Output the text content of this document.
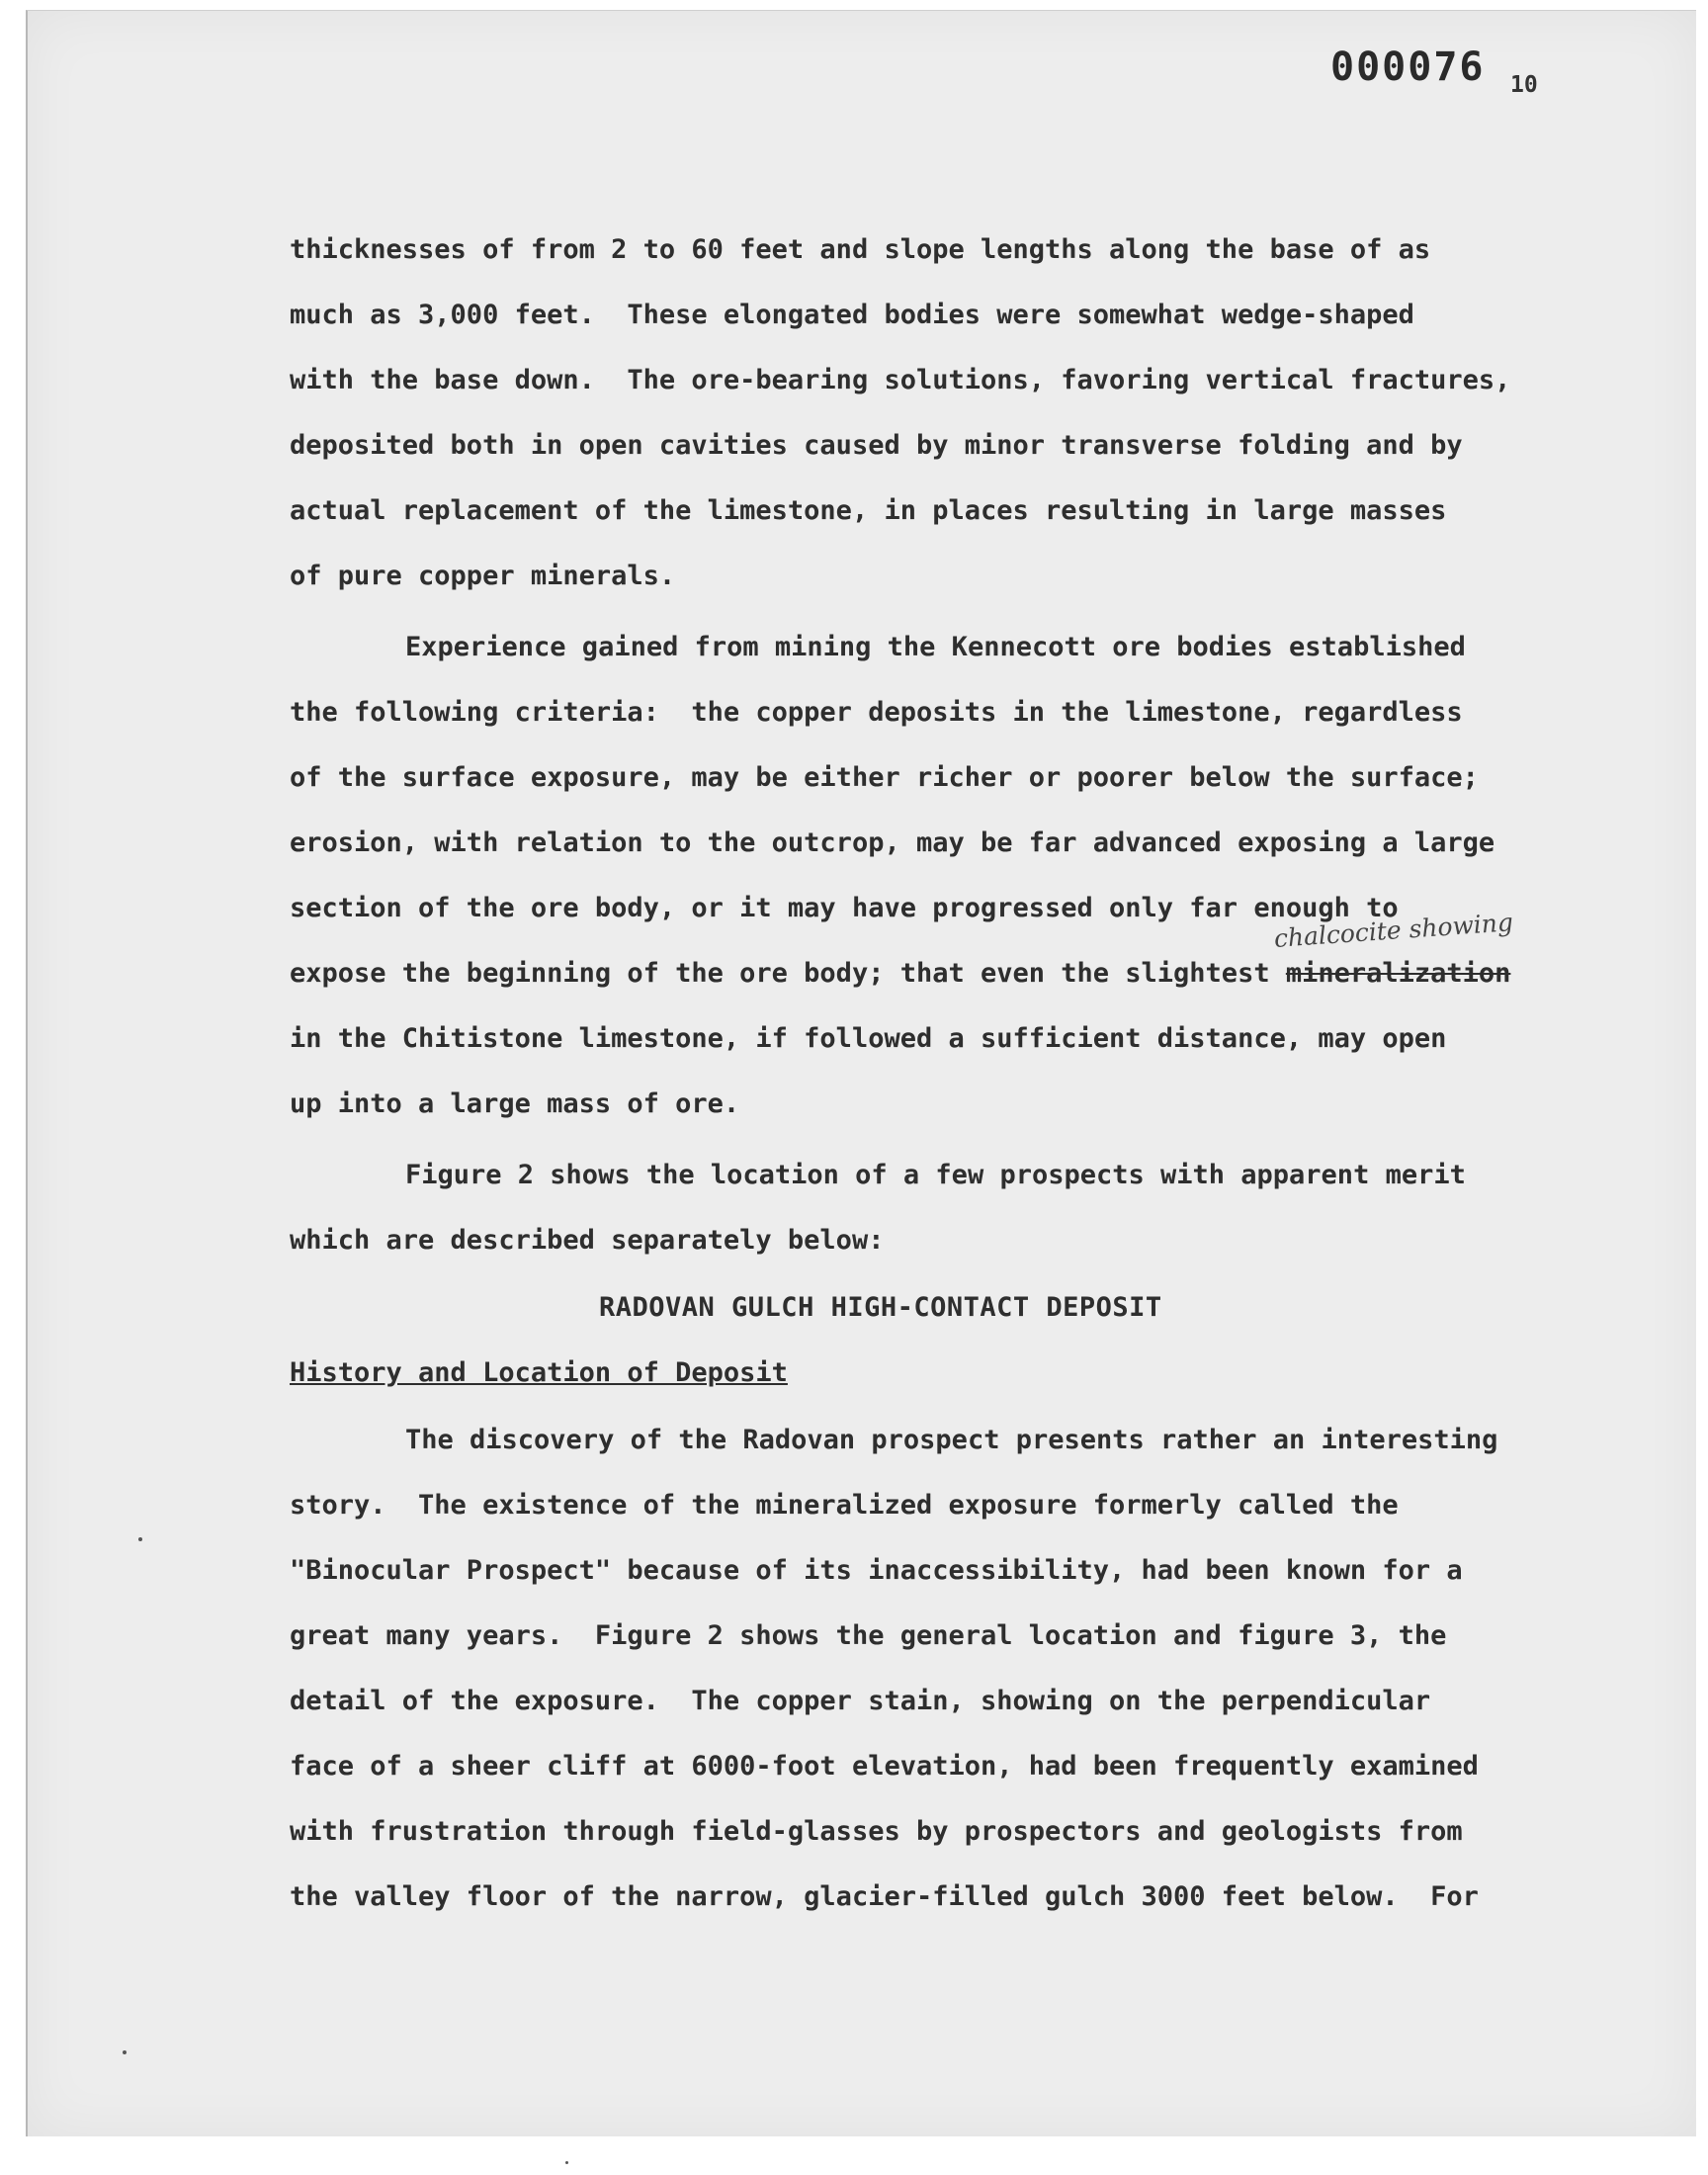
000076 10
thicknesses of from 2 to 60 feet and slope lengths along the base of as
much as 3,000 feet.  These elongated bodies were somewhat wedge-shaped
with the base down.  The ore-bearing solutions, favoring vertical fractures,
deposited both in open cavities caused by minor transverse folding and by
actual replacement of the limestone, in places resulting in large masses
of pure copper minerals.
Experience gained from mining the Kennecott ore bodies established
the following criteria:  the copper deposits in the limestone, regardless
of the surface exposure, may be either richer or poorer below the surface;
erosion, with relation to the outcrop, may be far advanced exposing a large
section of the ore body, or it may have progressed only far enough to
chalcocite showing
expose the beginning of the ore body; that even the slightest mineralization
in the Chitistone limestone, if followed a sufficient distance, may open
up into a large mass of ore.
Figure 2 shows the location of a few prospects with apparent merit
which are described separately below:
RADOVAN GULCH HIGH-CONTACT DEPOSIT
History and Location of Deposit
The discovery of the Radovan prospect presents rather an interesting
story.  The existence of the mineralized exposure formerly called the
"Binocular Prospect" because of its inaccessibility, had been known for a
great many years.  Figure 2 shows the general location and figure 3, the
detail of the exposure.  The copper stain, showing on the perpendicular
face of a sheer cliff at 6000-foot elevation, had been frequently examined
with frustration through field-glasses by prospectors and geologists from
the valley floor of the narrow, glacier-filled gulch 3000 feet below.  For
